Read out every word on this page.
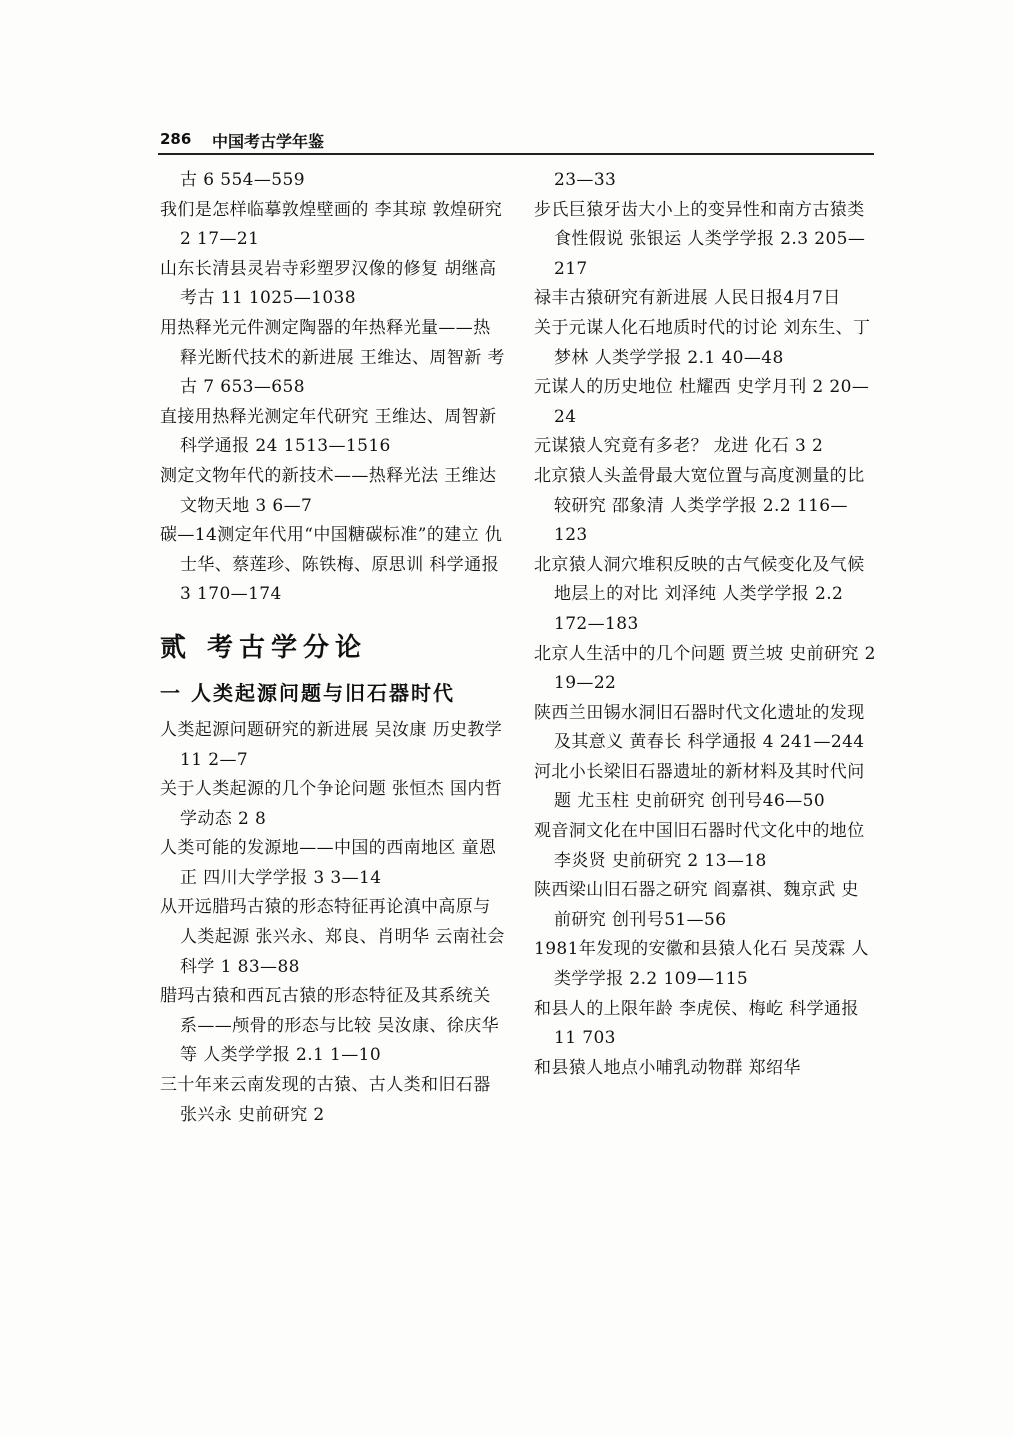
286 中国考古学年鉴
古 6 554—559
我们是怎样临摹敦煌壁画的 李其琼 敦煌研究 2 17—21
山东长清县灵岩寺彩塑罗汉像的修复 胡继高 考古 11 1025—1038
用热释光元件测定陶器的年热释光量——热释光断代技术的新进展 王维达、周智新 考古 7 653—658
直接用热释光测定年代研究 王维达、周智新 科学通报 24 1513—1516
测定文物年代的新技术——热释光法 王维达 文物天地 3 6—7
碳—14测定年代用“中国糖碳标准”的建立 仇士华、蔡莲珍、陈铁梅、原思训 科学通报 3 170—174
贰 考古学分论
一 人类起源问题与旧石器时代
人类起源问题研究的新进展 吴汝康 历史教学 11 2—7
关于人类起源的几个争论问题 张恒杰 国内哲学动态 2 8
人类可能的发源地——中国的西南地区 童恩正 四川大学学报 3 3—14
从开远腊玛古猿的形态特征再论滇中高原与人类起源 张兴永、郑良、肖明华 云南社会科学 1 83—88
腊玛古猿和西瓦古猿的形态特征及其系统关系——颅骨的形态与比较 吴汝康、徐庆华等 人类学学报 2.1 1—10
三十年来云南发现的古猿、古人类和旧石器 张兴永 史前研究 2
23—33
步氏巨猿牙齿大小上的变异性和南方古猿类食性假说 张银运 人类学学报 2.3 205—217
禄丰古猿研究有新进展 人民日报4月7日
关于元谋人化石地质时代的讨论 刘东生、丁梦林 人类学学报 2.1 40—48
元谋人的历史地位 杜耀西 史学月刊 2 20—24
元谋猿人究竟有多老？ 龙进 化石 3 2
北京猿人头盖骨最大宽位置与高度测量的比较研究 邵象清 人类学学报 2.2 116—123
北京猿人洞穴堆积反映的古气候变化及气候地层上的对比 刘泽纯 人类学学报 2.2 172—183
北京人生活中的几个问题 贾兰坡 史前研究 2 19—22
陕西兰田锡水洞旧石器时代文化遗址的发现及其意义 黄春长 科学通报 4 241—244
河北小长梁旧石器遗址的新材料及其时代问题 尤玉柱 史前研究 创刊号46—50
观音洞文化在中国旧石器时代文化中的地位 李炎贤 史前研究 2 13—18
陕西梁山旧石器之研究 阎嘉祺、魏京武 史前研究 创刊号51—56
1981年发现的安徽和县猿人化石 吴茂霖 人类学学报 2.2 109—115
和县人的上限年龄 李虎侯、梅屹 科学通报 11 703
和县猿人地点小哺乳动物群 郑绍华
